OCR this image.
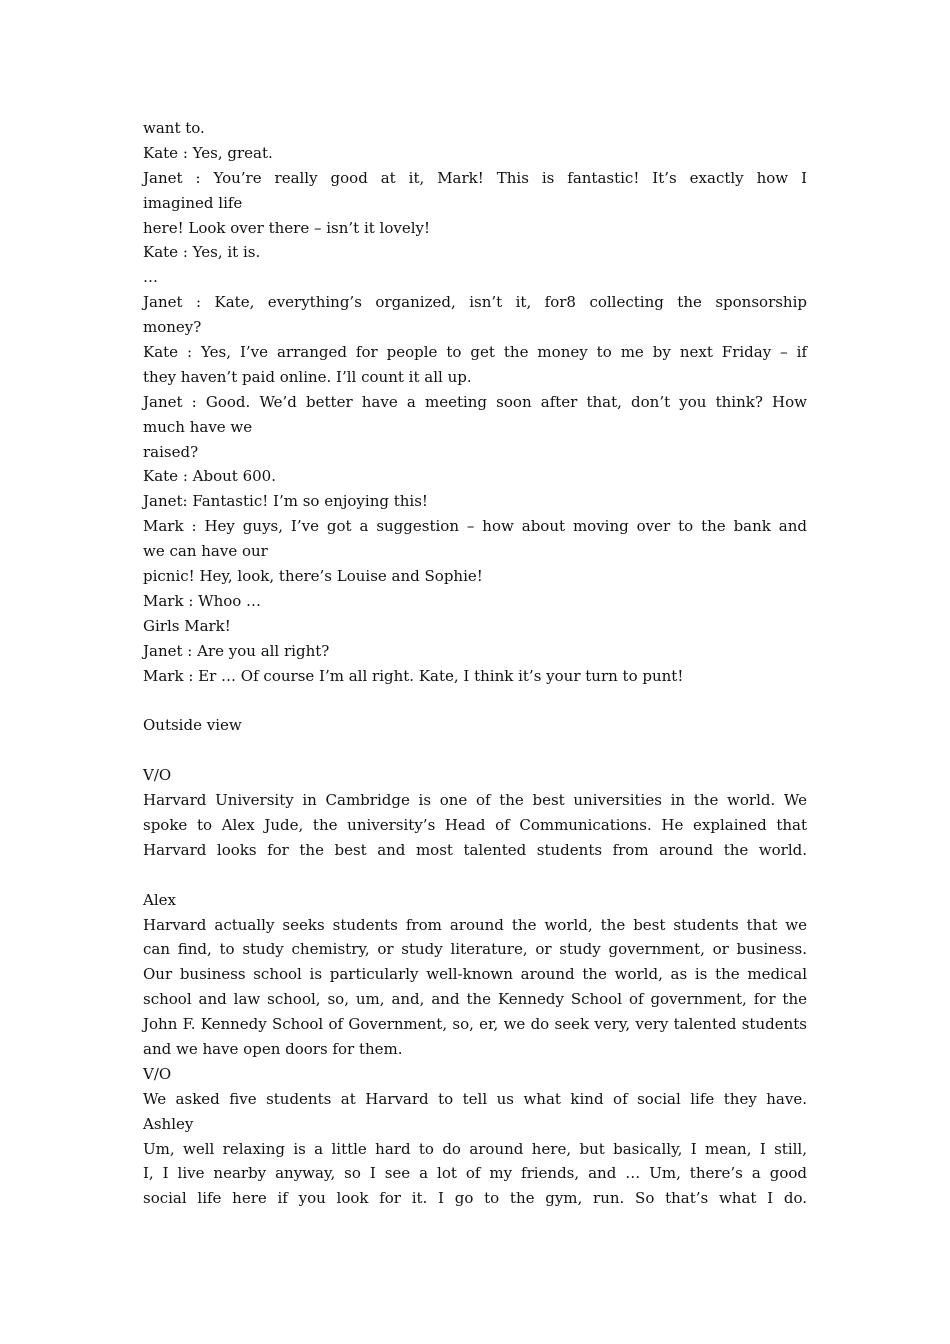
want to.
Kate : Yes, great.
Janet : You’re really good at it, Mark! This is fantastic! It’s exactly how I
imagined life
here! Look over there – isn’t it lovely!
Kate : Yes, it is.
…
Janet : Kate, everything’s organized, isn’t it, for8 collecting the sponsorship
money?
Kate : Yes, I’ve arranged for people to get the money to me by next Friday – if
they haven’t paid online. I’ll count it all up.
Janet : Good. We’d better have a meeting soon after that, don’t you think? How
much have we
raised?
Kate : About 600.
Janet: Fantastic! I’m so enjoying this!
Mark : Hey guys, I’ve got a suggestion – how about moving over to the bank and
we can have our
picnic! Hey, look, there’s Louise and Sophie!
Mark : Whoo …
Girls Mark!
Janet : Are you all right?
Mark : Er … Of course I’m all right. Kate, I think it’s your turn to punt!
Outside view
V/O
Harvard University in Cambridge is one of the best universities in the world. We
spoke to Alex Jude, the university’s Head of Communications. He explained that
Harvard looks for the best and most talented students from around the world.
Alex
Harvard actually seeks students from around the world, the best students that we
can find, to study chemistry, or study literature, or study government, or business.
Our business school is particularly well-known around the world, as is the medical
school and law school, so, um, and, and the Kennedy School of government, for the
John F. Kennedy School of Government, so, er, we do seek very, very talented students
and we have open doors for them.
V/O
We asked five students at Harvard to tell us what kind of social life they have.
Ashley
Um, well relaxing is a little hard to do around here, but basically, I mean, I still,
I, I live nearby anyway, so I see a lot of my friends, and … Um, there’s a good
social life here if you look for it. I go to the gym, run. So that’s what I do.
